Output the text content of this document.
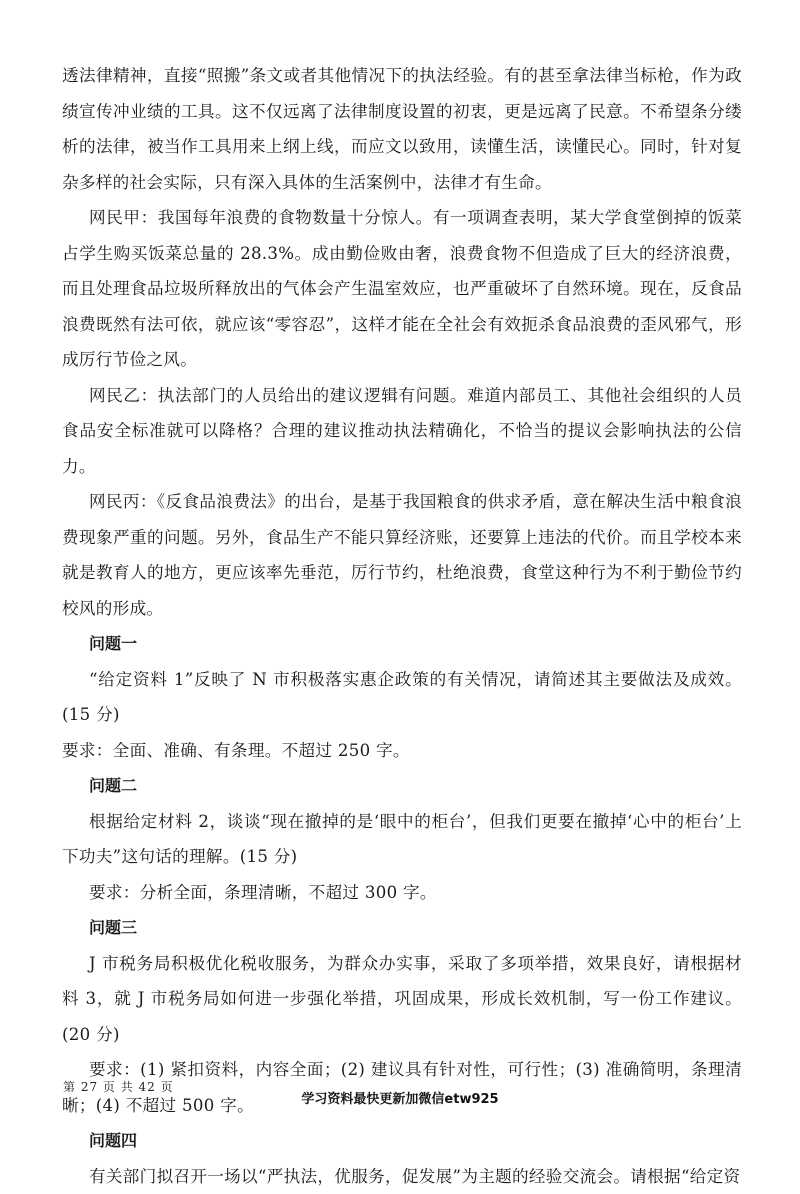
透法律精神，直接“照搬”条文或者其他情况下的执法经验。有的甚至拿法律当标枪，作为政绩宣传冲业绩的工具。这不仅远离了法律制度设置的初衷，更是远离了民意。不希望条分缕析的法律，被当作工具用来上纲上线，而应文以致用，读懂生活，读懂民心。同时，针对复杂多样的社会实际，只有深入具体的生活案例中，法律才有生命。

网民甲：我国每年浪费的食物数量十分惊人。有一项调查表明，某大学食堂倒掉的饭菜占学生购买饭菜总量的 28.3%。成由勤俭败由奢，浪费食物不但造成了巨大的经济浪费，而且处理食品垃圾所释放出的气体会产生温室效应，也严重破坏了自然环境。现在，反食品浪费既然有法可依，就应该“零容忍”，这样才能在全社会有效扼杀食品浪费的歪风邪气，形成厉行节俭之风。

网民乙：执法部门的人员给出的建议逻辑有问题。难道内部员工、其他社会组织的人员食品安全标准就可以降格？合理的建议推动执法精确化，不恰当的提议会影响执法的公信力。

网民丙：《反食品浪费法》的出台，是基于我国粮食的供求矛盾，意在解决生活中粮食浪费现象严重的问题。另外，食品生产不能只算经济账，还要算上违法的代价。而且学校本来就是教育人的地方，更应该率先垂范，厉行节约，杜绝浪费，食堂这种行为不利于勤俭节约校风的形成。

问题一

“给定资料 1”反映了 N 市积极落实惠企政策的有关情况，请简述其主要做法及成效。(15 分)

要求：全面、准确、有条理。不超过 250 字。

问题二

根据给定材料 2，谈谈“现在撤掉的是‘眼中的柜台’，但我们更要在撤掉‘心中的柜台’上下功夫”这句话的理解。(15 分)

要求：分析全面，条理清晰，不超过 300 字。

问题三

J 市税务局积极优化税收服务，为群众办实事，采取了多项举措，效果良好，请根据材料 3，就 J 市税务局如何进一步强化举措，巩固成果，形成长效机制，写一份工作建议。(20 分)

要求：(1) 紧扣资料，内容全面；(2) 建议具有针对性，可行性；(3) 准确简明，条理清晰；(4) 不超过 500 字。

问题四

有关部门拟召开一场以“严执法，优服务，促发展”为主题的经验交流会。请根据“给定资

第 27 页 共 42 页
学习资料最快更新加微信etw925
